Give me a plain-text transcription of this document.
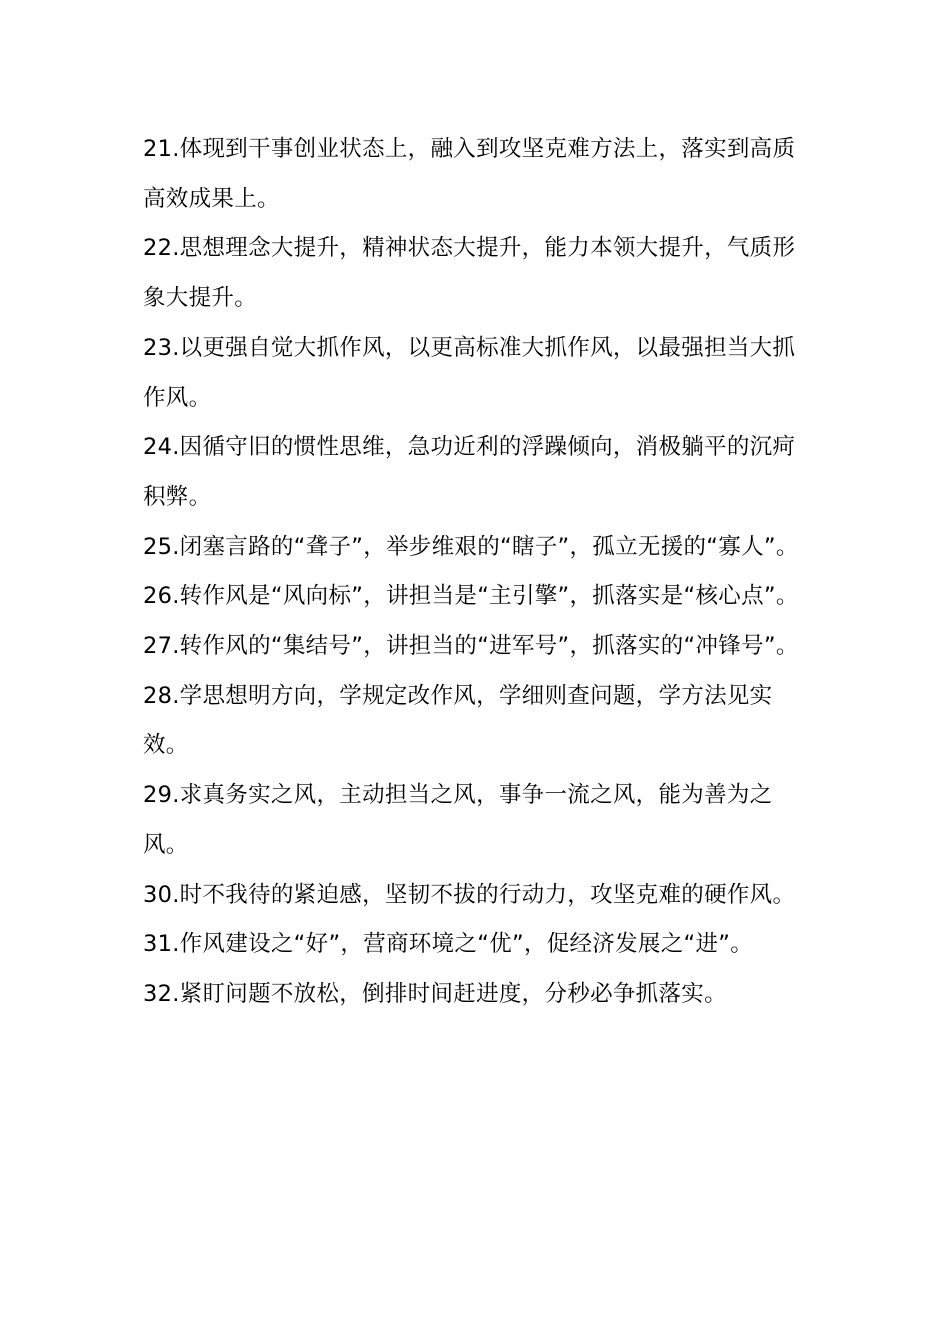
21.体现到干事创业状态上，融入到攻坚克难方法上，落实到高质高效成果上。

22.思想理念大提升，精神状态大提升，能力本领大提升，气质形象大提升。

23.以更强自觉大抓作风，以更高标准大抓作风，以最强担当大抓作风。

24.因循守旧的惯性思维，急功近利的浮躁倾向，消极躺平的沉疴积弊。

25.闭塞言路的“聋子”，举步维艰的“瞎子”，孤立无援的“寡人”。

26.转作风是“风向标”，讲担当是“主引擎”，抓落实是“核心点”。

27.转作风的“集结号”，讲担当的“进军号”，抓落实的“冲锋号”。

28.学思想明方向，学规定改作风，学细则查问题，学方法见实效。

29.求真务实之风，主动担当之风，事争一流之风，能为善为之风。

30.时不我待的紧迫感，坚韧不拔的行动力，攻坚克难的硬作风。

31.作风建设之“好”，营商环境之“优”，促经济发展之“进”。

32.紧盯问题不放松，倒排时间赶进度，分秒必争抓落实。
